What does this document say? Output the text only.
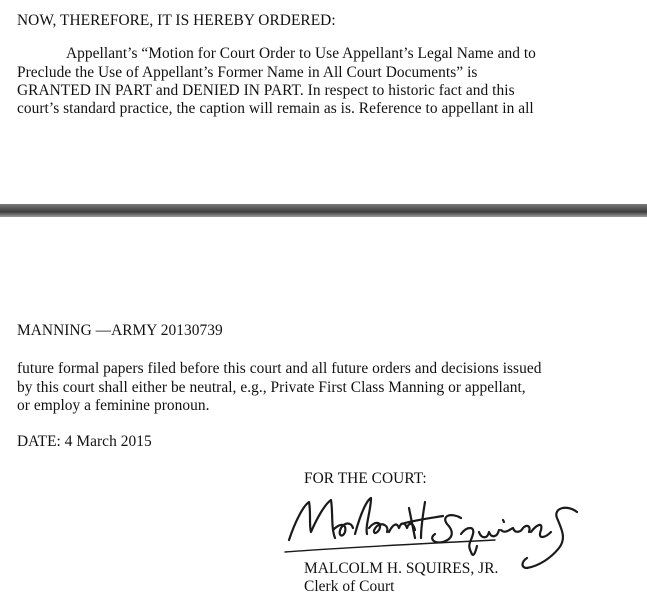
NOW, THEREFORE, IT IS HEREBY ORDERED:
Appellant’s “Motion for Court Order to Use Appellant’s Legal Name and to
Preclude the Use of Appellant’s Former Name in All Court Documents” is
GRANTED IN PART and DENIED IN PART. In respect to historic fact and this
court’s standard practice, the caption will remain as is. Reference to appellant in all
MANNING —ARMY 20130739
future formal papers filed before this court and all future orders and decisions issued
by this court shall either be neutral, e.g., Private First Class Manning or appellant,
or employ a feminine pronoun.
DATE: 4 March 2015
FOR THE COURT:
MALCOLM H. SQUIRES, JR.
Clerk of Court
